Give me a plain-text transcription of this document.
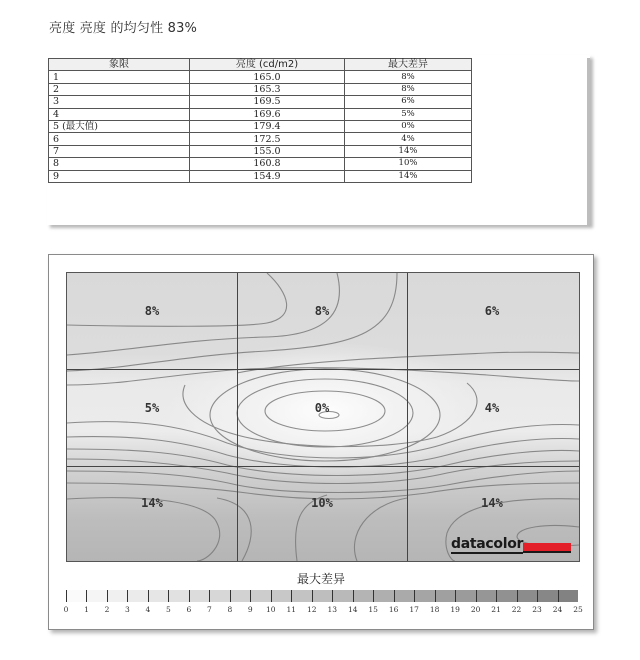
亮度 亮度 的均匀性 83%
象限	亮度 (cd/m2)	最大差异
1	165.0	8%
2	165.3	8%
3	169.5	6%
4	169.6	5%
5 (最大值)	179.4	0%
6	172.5	4%
7	155.0	14%
8	160.8	10%
9	154.9	14%
8%	8%	6%
5%	0%	4%
14%	10%	14%
datacolor
最大差异
0 1 2 3 4 5 6 7 8 9 10 11 12 13 14 15 16 17 18 19 20 21 22 23 24 25
